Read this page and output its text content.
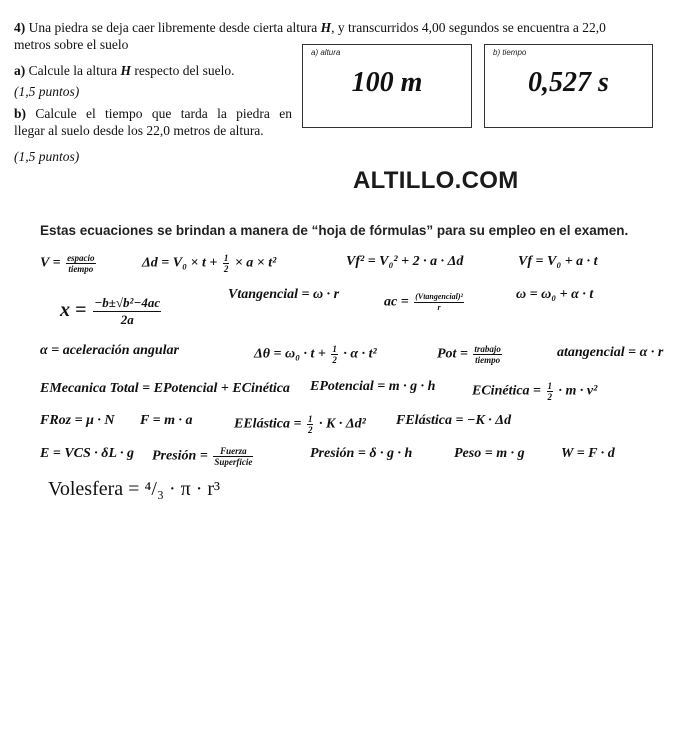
4) Una piedra se deja caer libremente desde cierta altura H, y transcurridos 4,00 segundos se encuentra a 22,0
metros sobre el suelo
a) Calcule la altura H respecto del suelo.
(1,5 puntos)
b) Calcule el tiempo que tarda la piedra en
llegar al suelo desde los 22,0 metros de altura.
(1,5 puntos)
a) altura
100 m
b) tiempo
0,527 s
ALTILLO.COM
Estas ecuaciones se brindan a manera de “hoja de fórmulas” para su empleo en el examen.
V = espacio
tiempo	$\Delta d = V_0 \times t + \frac{1}{2} \times a \times t^2$	Vf² = V₀² + 2 · a · Δd	Vf = V₀ + a · t
$x = \frac{\text{−b±√b²−4ac}}{2a}$
Vtangencial = ω · r
ac = (Vtangencial)²
r
ω = ω₀ + α · t
α = aceleración angular	$\Delta\theta = \omega_0 \cdot t + \frac{1}{2} \cdot \alpha \cdot t^2$	Pot = trabajo
tiempo	atangencial = α · r
EMecanica Total = EPotencial + ECinética EPotencial = m · g · h	ECinética = $\frac{1}{2} \cdot m \cdot v^2$
FRoz = μ · N F = m · a	EElástica = $\frac{1}{2} \cdot K \cdot \Delta d^2$ FElástica = −K · Δd
E = VCS · δL · g Presión =	Fuerza
Superficie
Presión = δ · g · h	Peso = m · g	W = F · d
Volesfera = ⁴/₃ · π · r³
